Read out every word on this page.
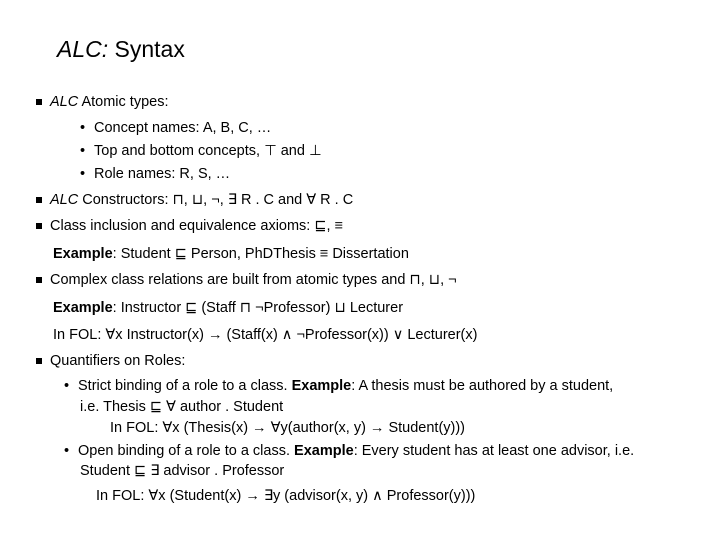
ALC: Syntax
ALC Atomic types:
• Concept names: A, B, C, …
• Top and bottom concepts, ⊤ and ⊥
• Role names: R, S, …
ALC Constructors: ⊓, ⊔, ¬, ∃ R . C and ∀ R . C
Class inclusion and equivalence axioms: ⊑, ≡
Example: Student ⊑ Person, PhDThesis ≡ Dissertation
Complex class relations are built from atomic types and ⊓, ⊔, ¬
Example: Instructor ⊑ (Staff ⊓ ¬Professor) ⊔ Lecturer
In FOL: ∀x Instructor(x) → (Staff(x) ∧ ¬Professor(x)) ∨ Lecturer(x)
Quantifiers on Roles:
• Strict binding of a role to a class. Example: A thesis must be authored by a student,
i.e. Thesis ⊑ ∀ author . Student
In FOL: ∀x (Thesis(x) → ∀y(author(x, y) → Student(y)))
• Open binding of a role to a class. Example: Every student has at least one advisor, i.e.
Student ⊑ ∃ advisor . Professor
In FOL: ∀x (Student(x) → ∃y (advisor(x, y) ∧ Professor(y)))
